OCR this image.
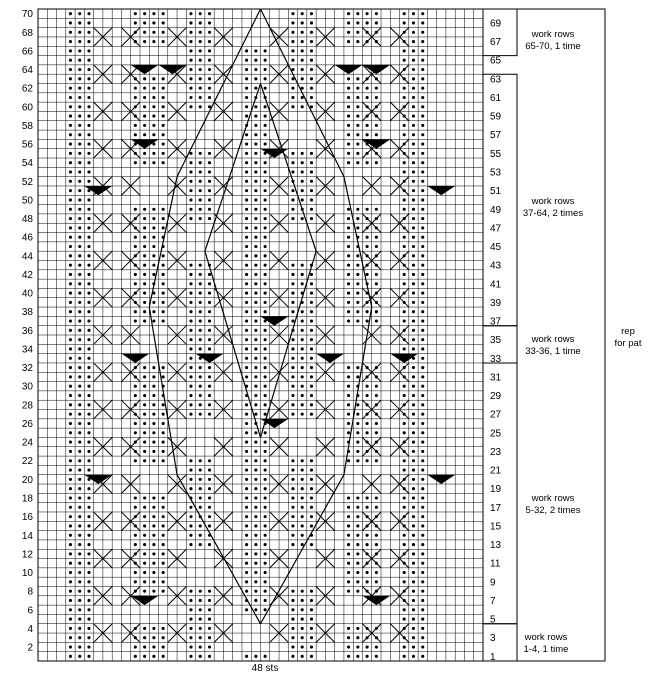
2
4
6
8
10
12
14
16
18
20
22
24
26
28
30
32
34
36
38
40
42
44
46
48
50
52
54
56
58
60
62
64
66
68
70
1
3
5
7
9
11
13
15
17
19
21
23
25
27
29
31
33
35
37
39
41
43
45
47
49
51
53
55
57
59
61
63
65
67
69
work rows
65-70, 1 time
work rows
37-64, 2 times
work rows
33-36, 1 time
work rows
5-32, 2 times
work rows
1-4, 1 time
rep
for pat
48 sts
